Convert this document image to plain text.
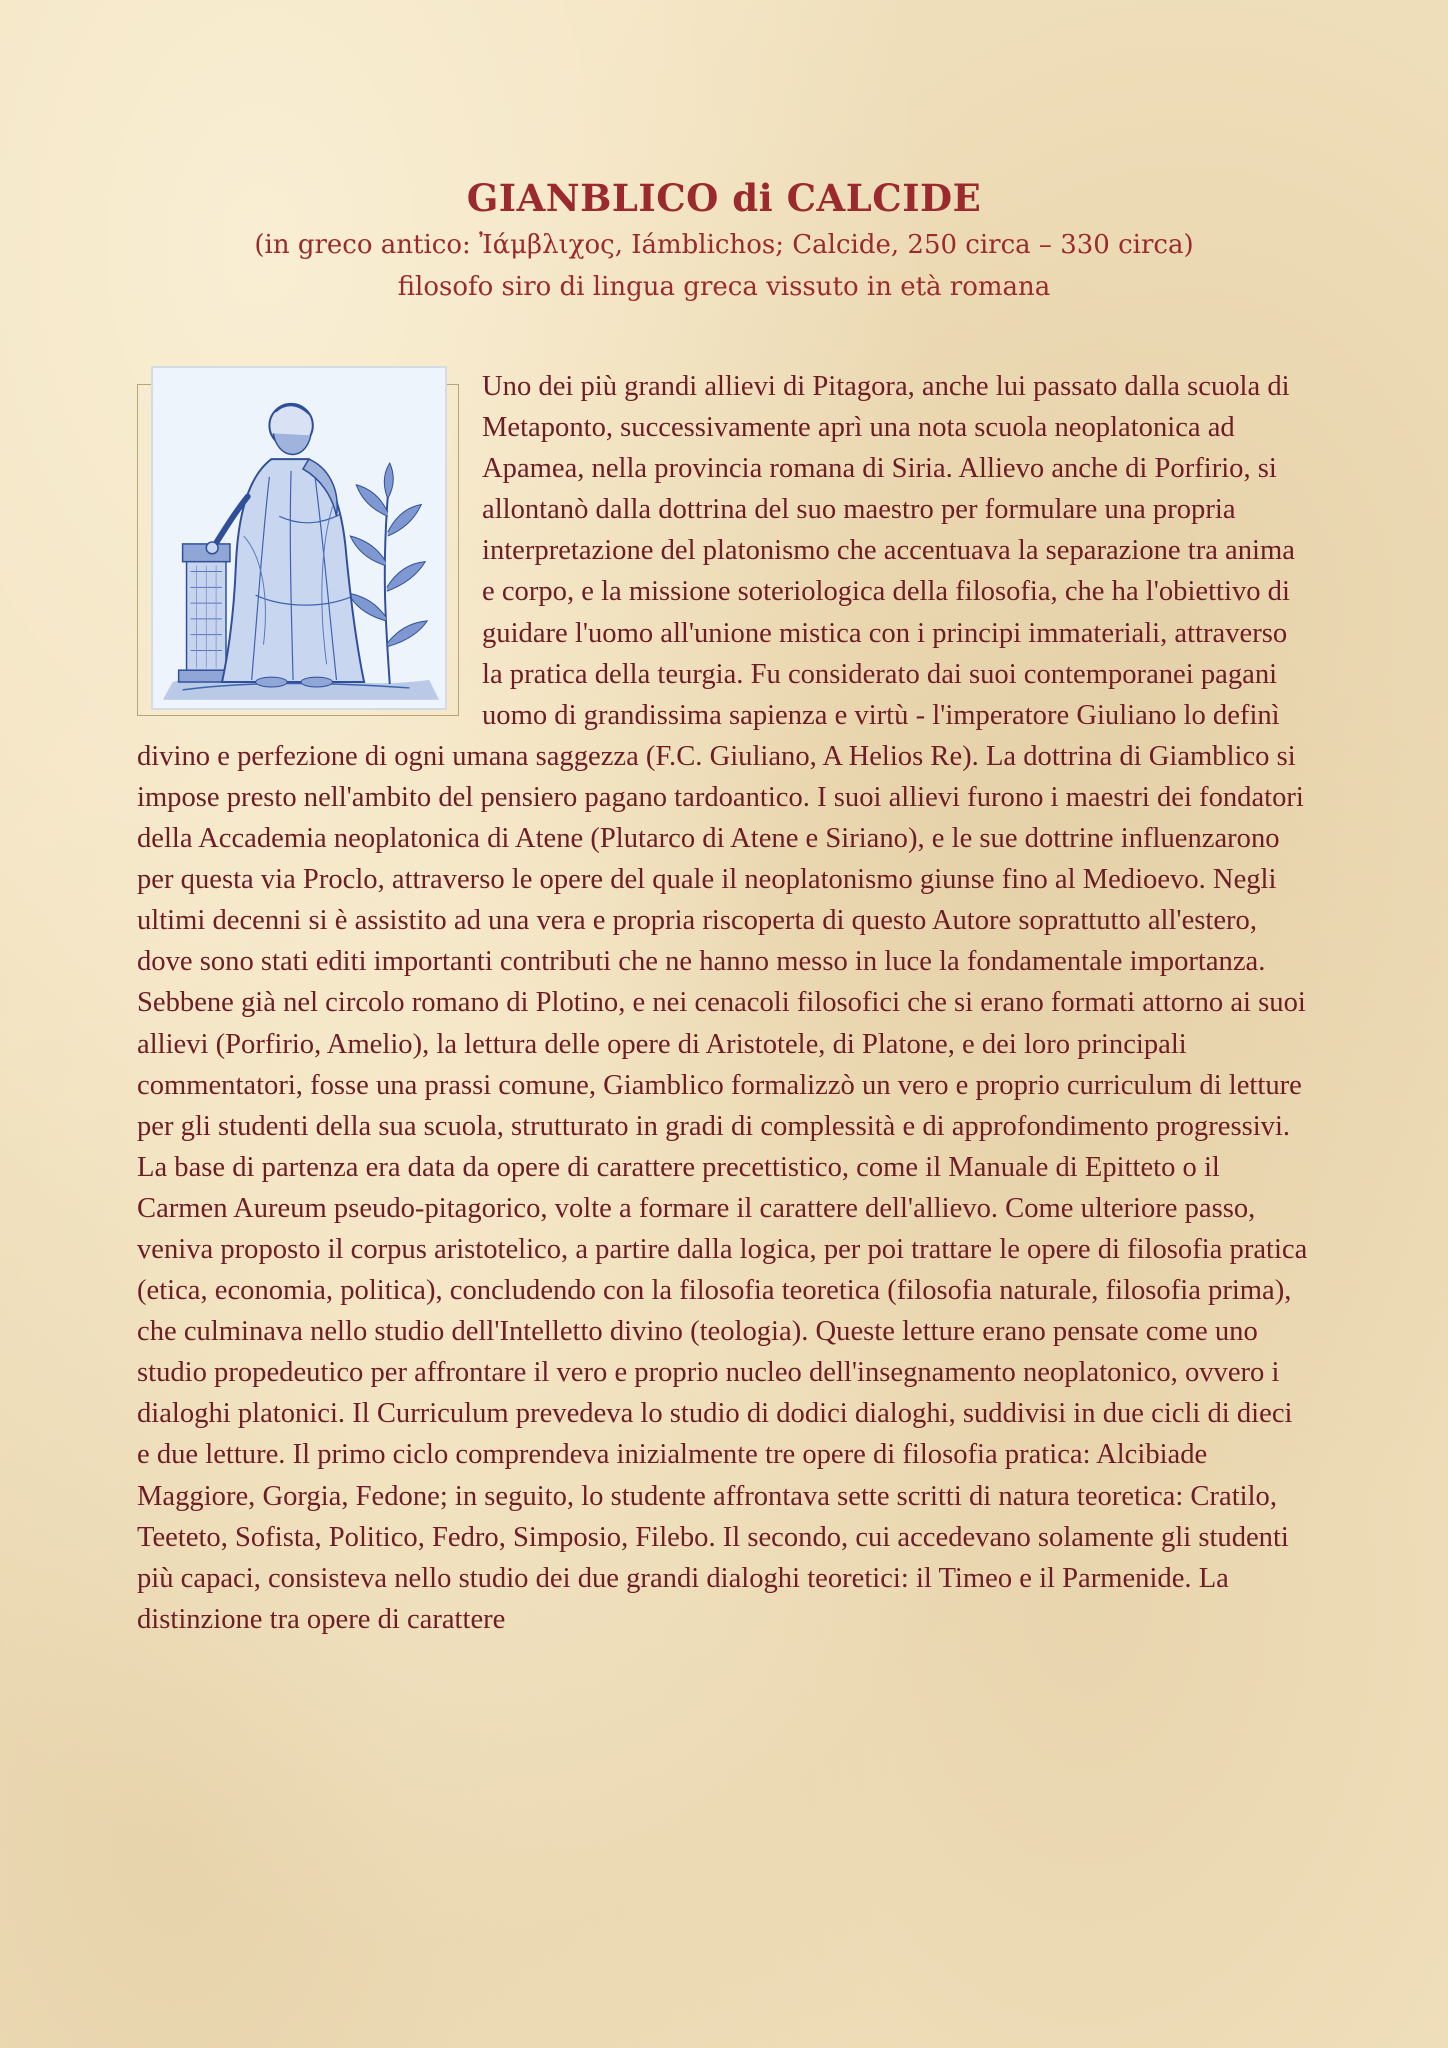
GIANBLICO di CALCIDE

(in greco antico: Ἰάμβλιχος, Iámblichos; Calcide, 250 circa – 330 circa)

filosofo siro di lingua greca vissuto in età romana

Uno dei più grandi allievi di Pitagora, anche lui passato dalla scuola di Metaponto, successivamente aprì una nota scuola neoplatonica ad Apamea, nella provincia romana di Siria. Allievo anche di Porfirio, si allontanò dalla dottrina del suo maestro per formulare una propria interpretazione del platonismo che accentuava la separazione tra anima e corpo, e la missione soteriologica della filosofia, che ha l'obiettivo di guidare l'uomo all'unione mistica con i principi immateriali, attraverso la pratica della teurgia. Fu considerato dai suoi contemporanei pagani uomo di grandissima sapienza e virtù - l'imperatore Giuliano lo definì divino e perfezione di ogni umana saggezza (F.C. Giuliano, A Helios Re). La dottrina di Giamblico si impose presto nell'ambito del pensiero pagano tardoantico. I suoi allievi furono i maestri dei fondatori della Accademia neoplatonica di Atene (Plutarco di Atene e Siriano), e le sue dottrine influenzarono per questa via Proclo, attraverso le opere del quale il neoplatonismo giunse fino al Medioevo. Negli ultimi decenni si è assistito ad una vera e propria riscoperta di questo Autore soprattutto all'estero, dove sono stati editi importanti contributi che ne hanno messo in luce la fondamentale importanza. Sebbene già nel circolo romano di Plotino, e nei cenacoli filosofici che si erano formati attorno ai suoi allievi (Porfirio, Amelio), la lettura delle opere di Aristotele, di Platone, e dei loro principali commentatori, fosse una prassi comune, Giamblico formalizzò un vero e proprio curriculum di letture per gli studenti della sua scuola, strutturato in gradi di complessità e di approfondimento progressivi.

La base di partenza era data da opere di carattere precettistico, come il Manuale di Epitteto o il Carmen Aureum pseudo-pitagorico, volte a formare il carattere dell'allievo. Come ulteriore passo, veniva proposto il corpus aristotelico, a partire dalla logica, per poi trattare le opere di filosofia pratica (etica, economia, politica), concludendo con la filosofia teoretica (filosofia naturale, filosofia prima), che culminava nello studio dell'Intelletto divino (teologia). Queste letture erano pensate come uno studio propedeutico per affrontare il vero e proprio nucleo dell'insegnamento neoplatonico, ovvero i dialoghi platonici. Il Curriculum prevedeva lo studio di dodici dialoghi, suddivisi in due cicli di dieci e due letture. Il primo ciclo comprendeva inizialmente tre opere di filosofia pratica: Alcibiade Maggiore, Gorgia, Fedone; in seguito, lo studente affrontava sette scritti di natura teoretica: Cratilo, Teeteto, Sofista, Politico, Fedro, Simposio, Filebo. Il secondo, cui accedevano solamente gli studenti più capaci, consisteva nello studio dei due grandi dialoghi teoretici: il Timeo e il Parmenide. La distinzione tra opere di carattere
